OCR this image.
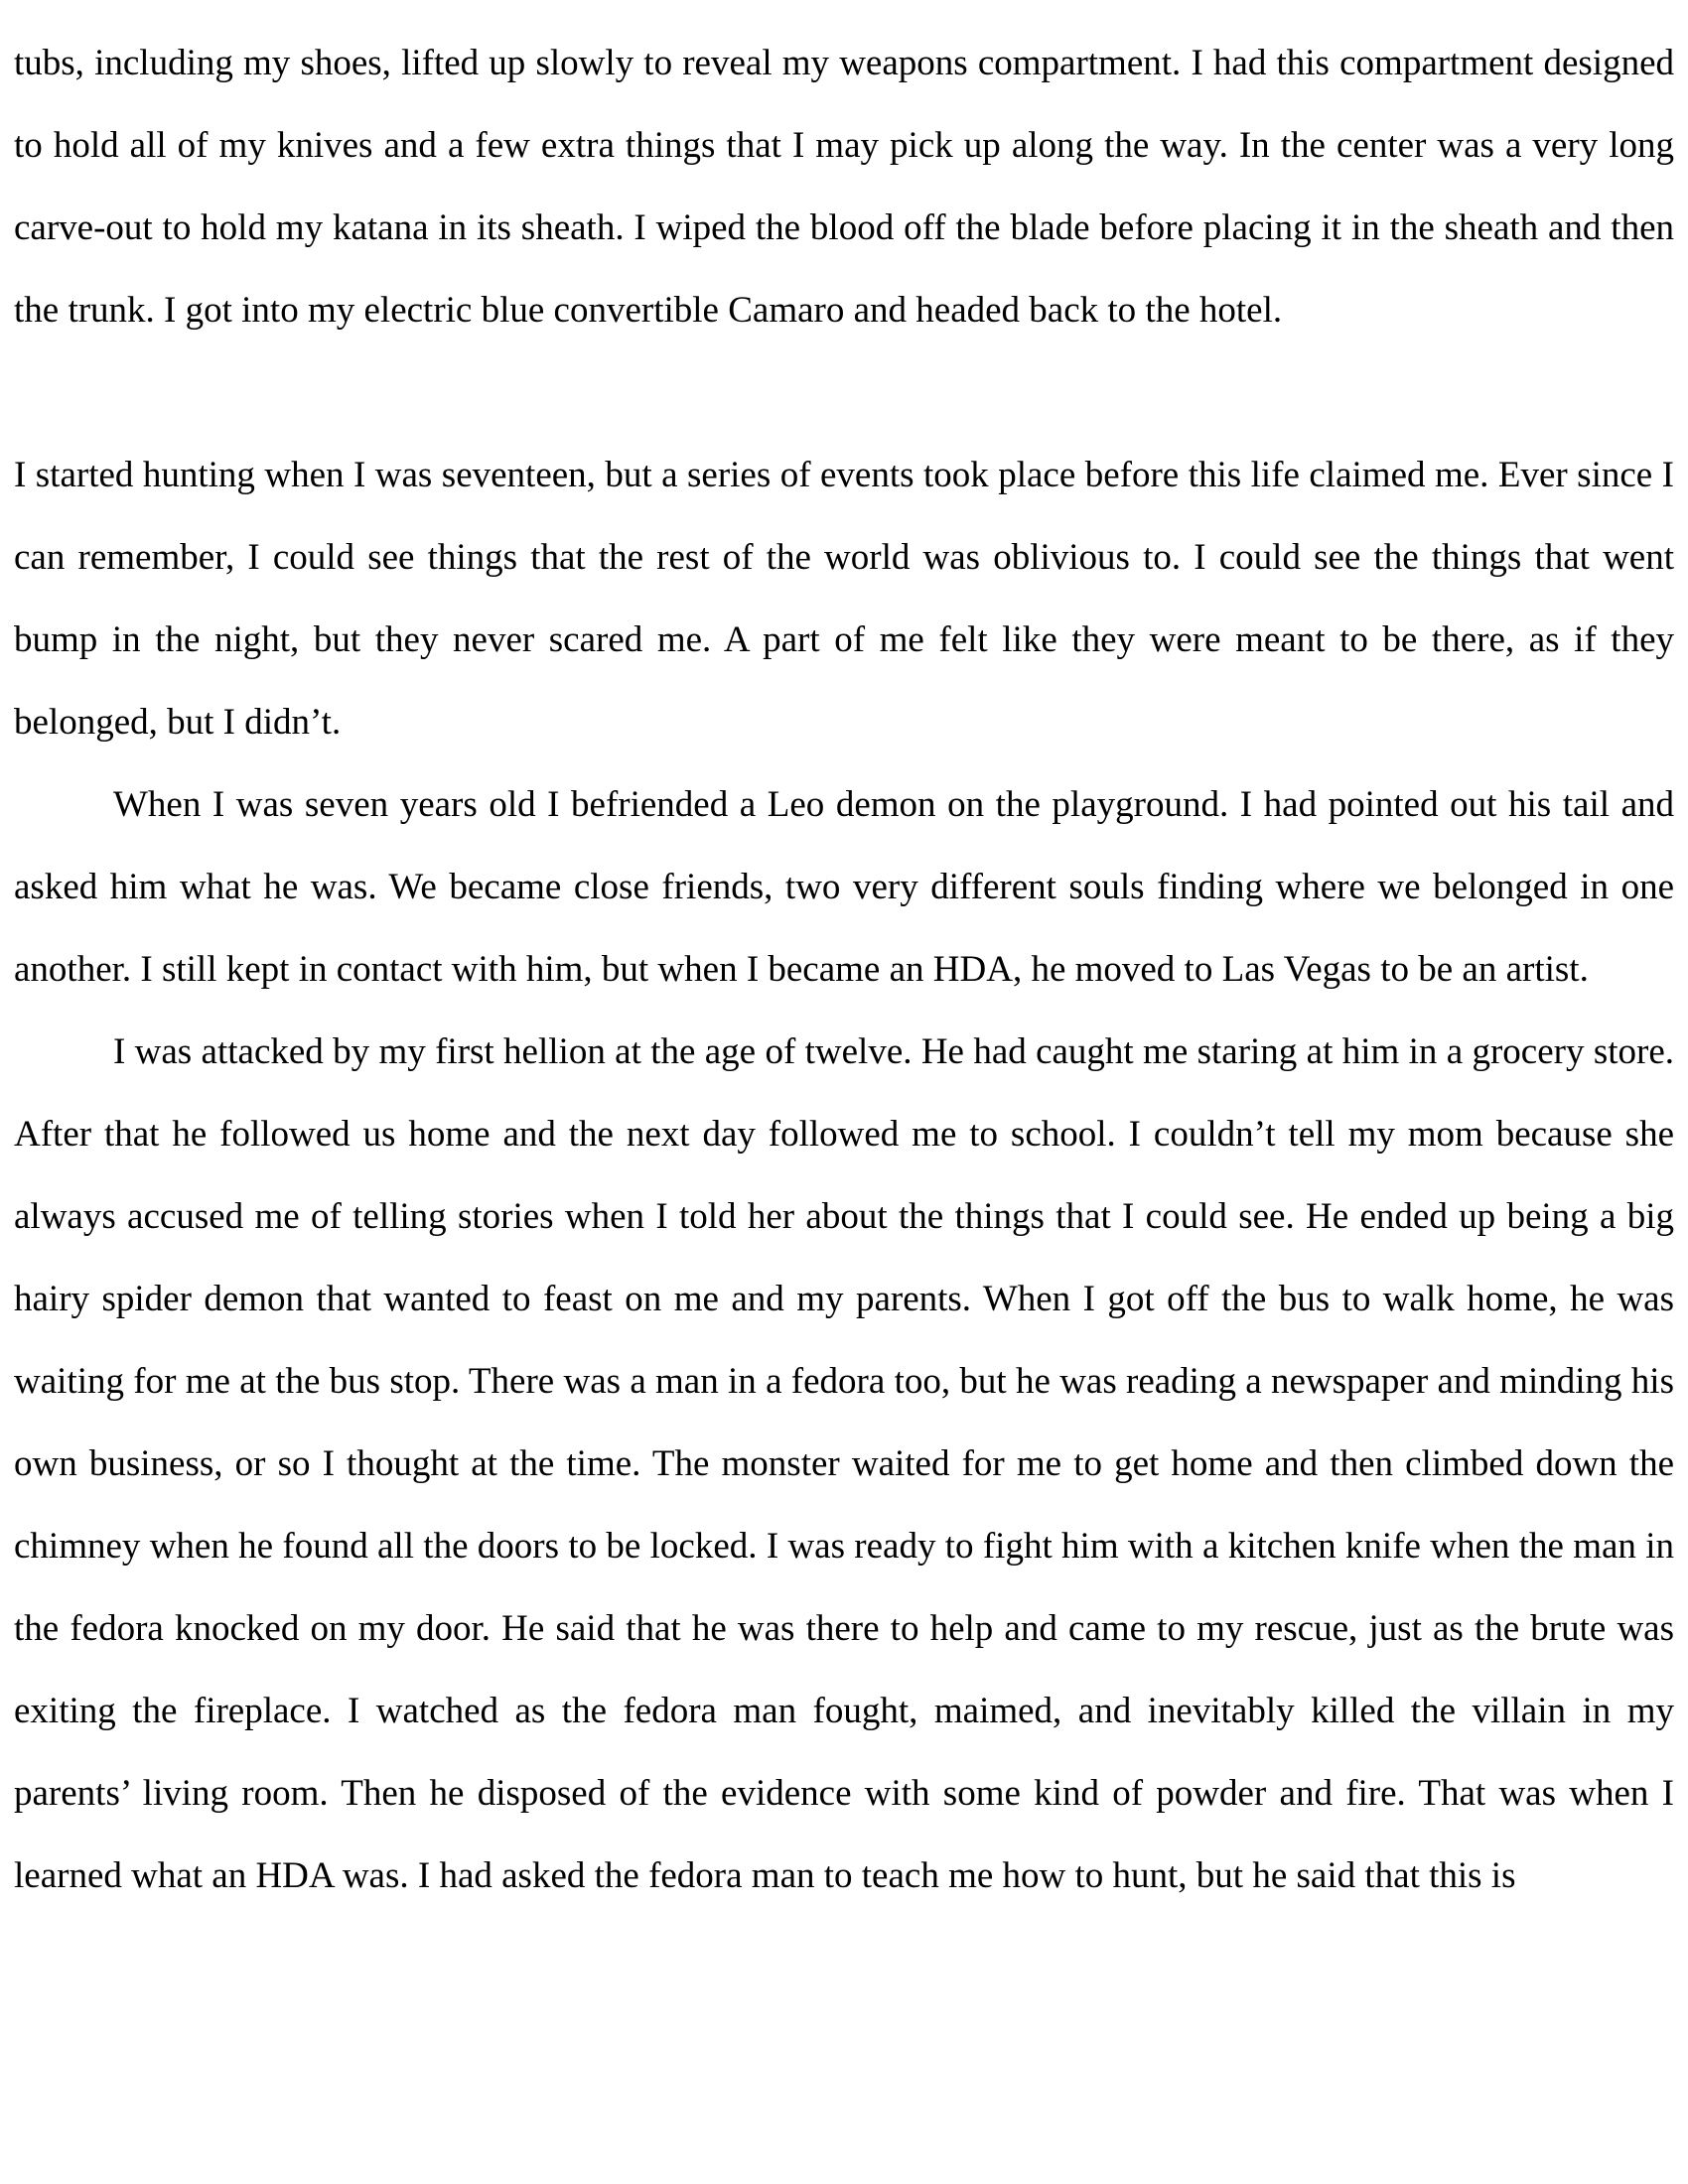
tubs, including my shoes, lifted up slowly to reveal my weapons compartment. I had this compartment designed to hold all of my knives and a few extra things that I may pick up along the way. In the center was a very long carve-out to hold my katana in its sheath. I wiped the blood off the blade before placing it in the sheath and then the trunk. I got into my electric blue convertible Camaro and headed back to the hotel.

I started hunting when I was seventeen, but a series of events took place before this life claimed me. Ever since I can remember, I could see things that the rest of the world was oblivious to. I could see the things that went bump in the night, but they never scared me. A part of me felt like they were meant to be there, as if they belonged, but I didn’t.

When I was seven years old I befriended a Leo demon on the playground. I had pointed out his tail and asked him what he was. We became close friends, two very different souls finding where we belonged in one another. I still kept in contact with him, but when I became an HDA, he moved to Las Vegas to be an artist.

I was attacked by my first hellion at the age of twelve. He had caught me staring at him in a grocery store. After that he followed us home and the next day followed me to school. I couldn’t tell my mom because she always accused me of telling stories when I told her about the things that I could see. He ended up being a big hairy spider demon that wanted to feast on me and my parents. When I got off the bus to walk home, he was waiting for me at the bus stop. There was a man in a fedora too, but he was reading a newspaper and minding his own business, or so I thought at the time. The monster waited for me to get home and then climbed down the chimney when he found all the doors to be locked. I was ready to fight him with a kitchen knife when the man in the fedora knocked on my door. He said that he was there to help and came to my rescue, just as the brute was exiting the fireplace. I watched as the fedora man fought, maimed, and inevitably killed the villain in my parents’ living room. Then he disposed of the evidence with some kind of powder and fire. That was when I learned what an HDA was. I had asked the fedora man to teach me how to hunt, but he said that this is
